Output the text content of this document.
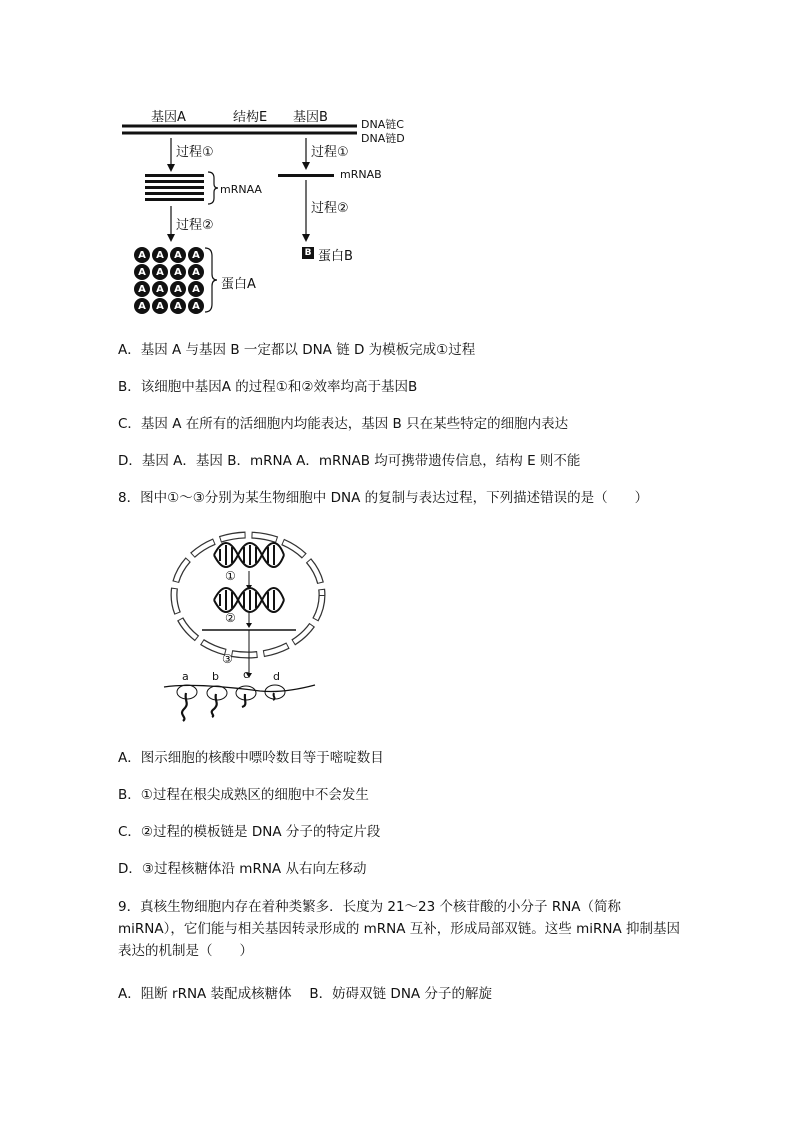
基因A	结构E 基因B	DNA链C
DNA链D
A	A	A	A
A	A	A	A
A	A	A	A
A	A	A	A
B
过程①	过程①
mRNAA
mRNAB
过程②
过程②
蛋白A
蛋白B
A．基因 A 与基因 B 一定都以 DNA 链 D 为模板完成①过程
B．该细胞中基因A 的过程①和②效率均高于基因B
C．基因 A 在所有的活细胞内均能表达，基因 B 只在某些特定的细胞内表达
D．基因 A．基因 B．mRNA A．mRNAB 均可携带遗传信息，结构 E 则不能
8．图中①～③分别为某生物细胞中 DNA 的复制与表达过程，下列描述错误的是（　　）
①
②
③
a b c d
A．图示细胞的核酸中嘌呤数目等于嘧啶数目
B．①过程在根尖成熟区的细胞中不会发生
C．②过程的模板链是 DNA 分子的特定片段
D．③过程核糖体沿 mRNA 从右向左移动
9．真核生物细胞内存在着种类繁多．长度为 21～23 个核苷酸的小分子 RNA（简称 miRNA），它们能与相关基因转录形成的 mRNA 互补，形成局部双链。这些 miRNA 抑制基因表达的机制是（　　）
A．阻断 rRNA 装配成核糖体　 B．妨碍双链 DNA 分子的解旋
